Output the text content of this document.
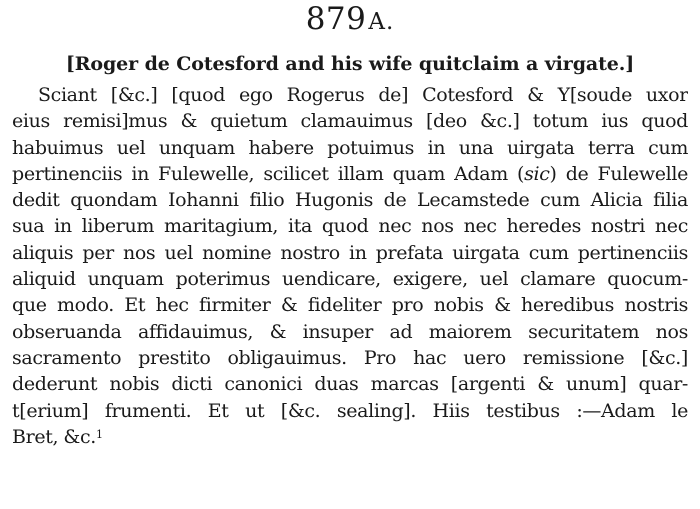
879A.
[Roger de Cotesford and his wife quitclaim a virgate.]
Sciant [&c.] [quod ego Rogerus de] Cotesford & Y[soude uxor
eius remisi]mus & quietum clamauimus [deo &c.] totum ius quod
habuimus uel unquam habere potuimus in una uirgata terra cum
pertinenciis in Fulewelle, scilicet illam quam Adam (sic) de Fulewelle
dedit quondam Iohanni filio Hugonis de Lecamstede cum Alicia filia
sua in liberum maritagium, ita quod nec nos nec heredes nostri nec
aliquis per nos uel nomine nostro in prefata uirgata cum pertinenciis
aliquid unquam poterimus uendicare, exigere, uel clamare quocum-
que modo. Et hec firmiter & fideliter pro nobis & heredibus nostris
obseruanda affidauimus, & insuper ad maiorem securitatem nos
sacramento prestito obligauimus. Pro hac uero remissione [&c.]
dederunt nobis dicti canonici duas marcas [argenti & unum] quar-
t[erium] frumenti. Et ut [&c. sealing]. Hiis testibus :—Adam le
Bret, &c.$^1$
